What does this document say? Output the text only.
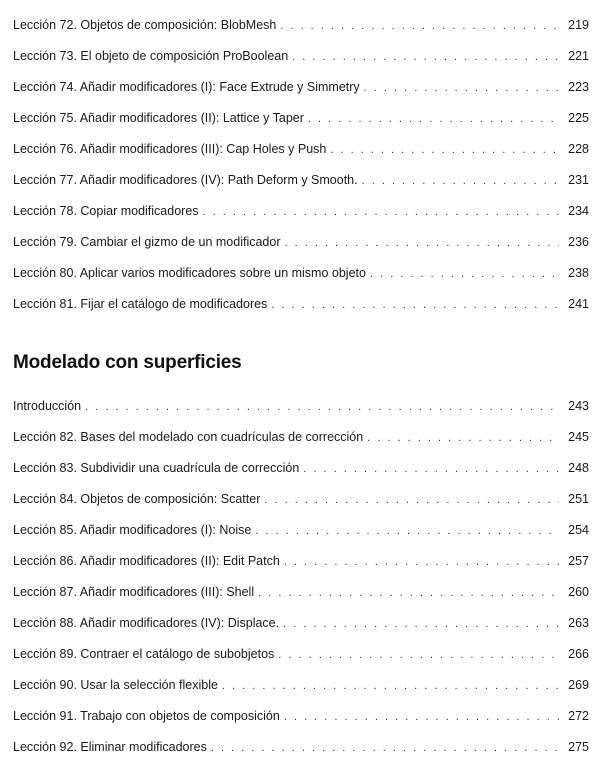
Lección 72. Objetos de composición: BlobMesh . . .	219
Lección 73. El objeto de composición ProBoolean . . .	221
Lección 74. Añadir modificadores (I): Face Extrude y Simmetry . . .	223
Lección 75. Añadir modificadores (II): Lattice y Taper . . .	225
Lección 76. Añadir modificadores (III): Cap Holes y Push . . .	228
Lección 77. Añadir modificadores (IV): Path Deform y Smooth. . . .	231
Lección 78. Copiar modificadores . . .	234
Lección 79. Cambiar el gizmo de un modificador . . .	236
Lección 80. Aplicar varios modificadores sobre un mismo objeto . . .	238
Lección 81. Fijar el catálogo de modificadores . . .	241
Modelado con superficies
Introducción . . .	243
Lección 82. Bases del modelado con cuadrículas de corrección . . .	245
Lección 83. Subdividir una cuadrícula de corrección . . .	248
Lección 84. Objetos de composición: Scatter . . .	251
Lección 85. Añadir modificadores (I): Noise . . .	254
Lección 86. Añadir modificadores (II): Edit Patch . . .	257
Lección 87. Añadir modificadores (III): Shell . . .	260
Lección 88. Añadir modificadores (IV): Displace. . . .	263
Lección 89. Contraer el catálogo de subobjetos . . .	266
Lección 90. Usar la selección flexible . . .	269
Lección 91. Trabajo con objetos de composición . . .	272
Lección 92. Eliminar modificadores . . .	275
